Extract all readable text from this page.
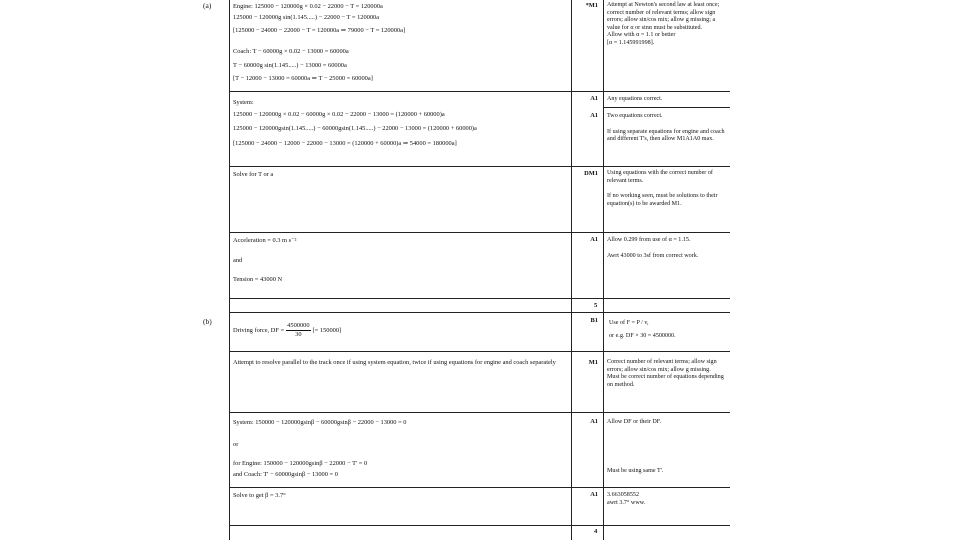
(a)
(b)
Engine: 125000 − 120000g × 0.02 − 22000 − T = 120000a
125000 − 120000g sin(1.145.....) − 22000 − T = 120000a
[125000 − 24000 − 22000 − T = 120000a ⇒ 79000 − T = 120000a]
Coach: T − 60000g × 0.02 − 13000 = 60000a
T − 60000g sin(1.145.....) − 13000 = 60000a
[T − 12000 − 13000 = 60000a ⇒ T − 25000 = 60000a]
System:
125000 − 120000g × 0.02 − 60000g × 0.02 − 22000 − 13000 = (120000 + 60000)a
125000 − 120000gsin(1.145.....) − 60000gsin(1.145.....) − 22000 − 13000 = (120000 + 60000)a
[125000 − 24000 − 12000 − 22000 − 13000 = (120000 + 60000)a ⇒ 54000 = 180000a]
Solve for T or a
Acceleration = 0.3 m s⁻²
and
Tension = 43000 N
*M1
A1
A1
DM1
A1
5
Attempt at Newton's second law at least once; correct number of relevant terms; allow sign errors; allow sin/cos mix; allow g missing; a value for α or sinα must be substituted.
Allow with α = 1.1 or better
[α = 1.145991998].
Any equations correct.
Two equations correct.
If using separate equations for engine and coach and different T's, then allow M1A1A0 max.
Using equations with the correct number of relevant terms.
If no working seen, must be solutions to their equation(s) to be awarded M1.
Allow 0.299 from use of α = 1.15.
Awrt 43000 to 3sf from correct work.
Driving force, DF = $\frac{4500000}{30}$ [= 150000]
Attempt to resolve parallel to the track once if using system equation, twice if using equations for engine and coach separately
System: 150000 − 120000gsinβ − 60000gsinβ − 22000 − 13000 = 0
or
for Engine: 150000 − 120000gsinβ − 22000 − T' = 0
and Coach: T' − 60000gsinβ − 13000 = 0
Solve to get β = 3.7°
B1
M1
A1
A1
4
Use of F = P / v,
or e.g. DF × 30 = 4500000.
Correct number of relevant terms; allow sign errors; allow sin/cos mix; allow g missing.
Must be correct number of equations depending on method.
Allow DF or their DF.
Must be using same T'.
3.663058552
awrt 3.7° www.
